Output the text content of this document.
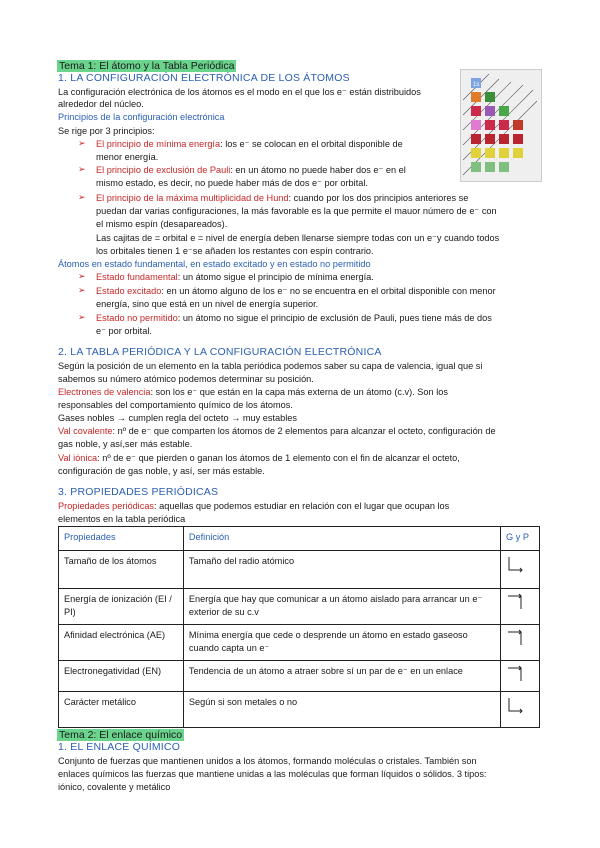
Tema 1: El átomo y la Tabla Periódica
1. LA CONFIGURACIÓN ELECTRÓNICA DE LOS ÁTOMOS
La configuración electrónica de los átomos es el modo en el que los e⁻ están distribuidos
alrededor del núcleo.
Principios de la configuración electrónica
Se rige por 3 principios:
➢ El principio de mínima energía: los e⁻ se colocan en el orbital disponible de
menor energía.
➢ El principio de exclusión de Pauli: en un átomo no puede haber dos e⁻ en el
mismo estado, es decir, no puede haber más de dos e⁻ por orbital.
➢ El principio de la máxima multiplicidad de Hund: cuando por los dos principios anteriores se
puedan dar varias configuraciones, la más favorable es la que permite el mauor número de e⁻ con
el mismo espín (desapareados).
Las cajitas de = orbital e = nivel de energía deben llenarse siempre todas con un e⁻y cuando todos
los orbitales tienen 1 e⁻se añaden los restantes con espín contrario.
Átomos en estado fundamental, en estado excitado y en estado no permitido
➢ Estado fundamental: un átomo sigue el principio de mínima energía.
➢ Estado excitado: en un átomo alguno de los e⁻ no se encuentra en el orbital disponible con menor
energía, sino que está en un nivel de energía superior.
➢ Estado no permitido: un átomo no sigue el principio de exclusión de Pauli, pues tiene más de dos
e⁻ por orbital.
1s
2. LA TABLA PERIÓDICA Y LA CONFIGURACIÓN ELECTRÓNICA
Según la posición de un elemento en la tabla periódica podemos saber su capa de valencia, igual que si
sabemos su número atómico podemos determinar su posición.
Electrones de valencia: son los e⁻ que están en la capa más externa de un átomo (c.v). Son los
responsables del comportamiento químico de los átomos.
Gases nobles → cumplen regla del octeto → muy estables
Val covalente: nº de e⁻ que comparten los átomos de 2 elementos para alcanzar el octeto, configuración de
gas noble, y así,ser más estable.
Val iónica: nº de e⁻ que pierden o ganan los átomos de 1 elemento con el fin de alcanzar el octeto,
configuración de gas noble, y así, ser más estable.
3. PROPIEDADES PERIÓDICAS
Propiedades periódicas: aquellas que podemos estudiar en relación con el lugar que ocupan los
elementos en la tabla periódica
Propiedades	Definición	G y P
Tamaño de los átomos	Tamaño del radio atómico	
Energía de ionización (EI / PI)	Energía que hay que comunicar a un átomo aislado para arrancar un e⁻ exterior de su c.v	
Afinidad electrónica (AE)	Mínima energía que cede o desprende un átomo en estado gaseoso cuando capta un e⁻	
Electronegatividad (EN)	Tendencia de un átomo a atraer sobre sí un par de e⁻ en un enlace	
Carácter metálico	Según si son metales o no	
Tema 2: El enlace químico
1. EL ENLACE QUÍMICO
Conjunto de fuerzas que mantienen unidos a los átomos, formando moléculas o cristales. También son
enlaces químicos las fuerzas que mantiene unidas a las moléculas que forman líquidos o sólidos. 3 tipos:
iónico, covalente y metálico
